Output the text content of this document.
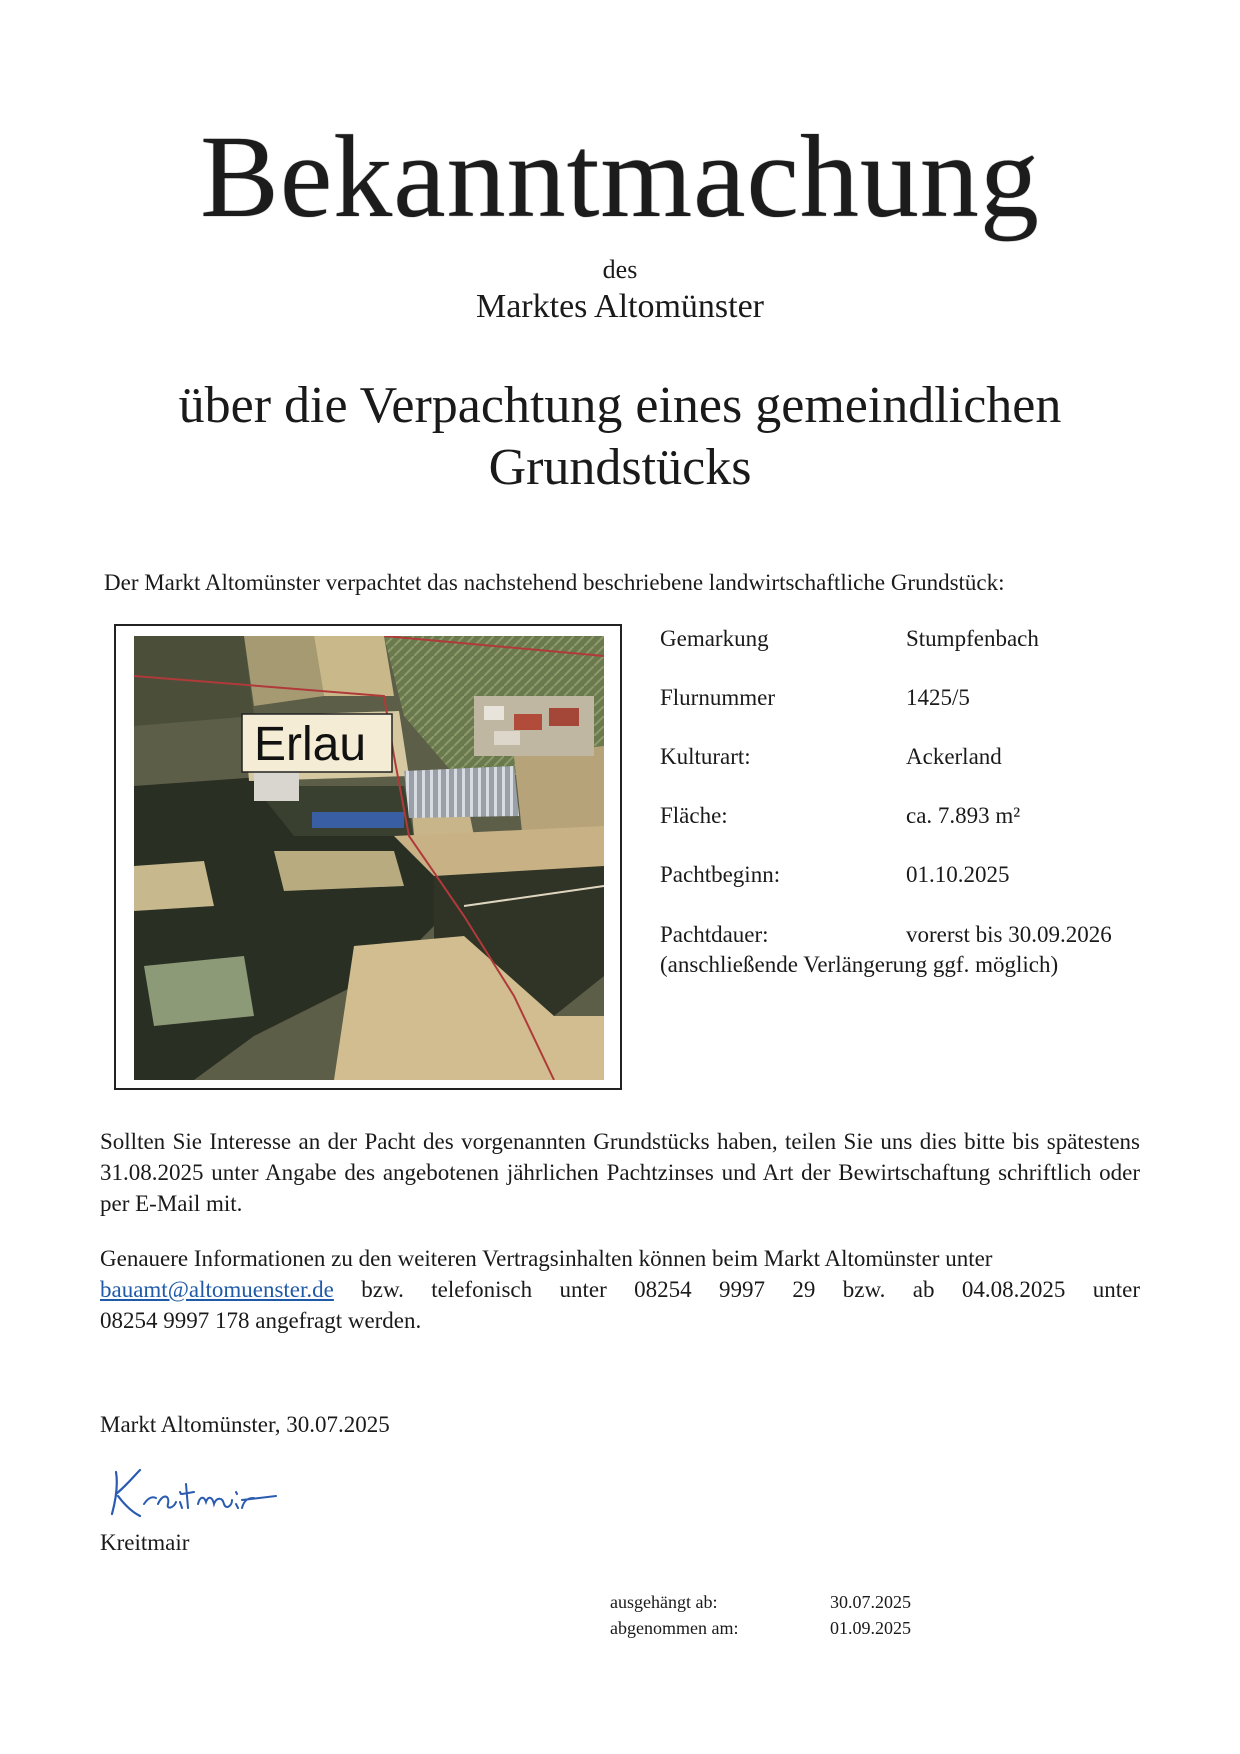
Bekanntmachung
des
Marktes Altomünster
über die Verpachtung eines gemeindlichen
Grundstücks
Der Markt Altomünster verpachtet das nachstehend beschriebene landwirtschaftliche Grundstück:
Erlau
Gemarkung	Stumpfenbach
Flurnummer	1425/5
Kulturart:	Ackerland
Fläche:	ca. 7.893 m²
Pachtbeginn:	01.10.2025
Pachtdauer:	vorerst bis 30.09.2026
(anschließende Verlängerung ggf. möglich)
Sollten Sie Interesse an der Pacht des vorgenannten Grundstücks haben, teilen Sie uns dies bitte bis spätestens 31.08.2025 unter Angabe des angebotenen jährlichen Pachtzinses und Art der Bewirtschaftung schriftlich oder per E-Mail mit.
Genauere Informationen zu den weiteren Vertragsinhalten können beim Markt Altomünster unter
bauamt@altomuenster.de bzw. telefonisch unter 08254 9997 29 bzw. ab 04.08.2025 unter
08254 9997 178 angefragt werden.
Markt Altomünster, 30.07.2025
Kreitmair
ausgehängt ab:	30.07.2025
abgenommen am:	01.09.2025
